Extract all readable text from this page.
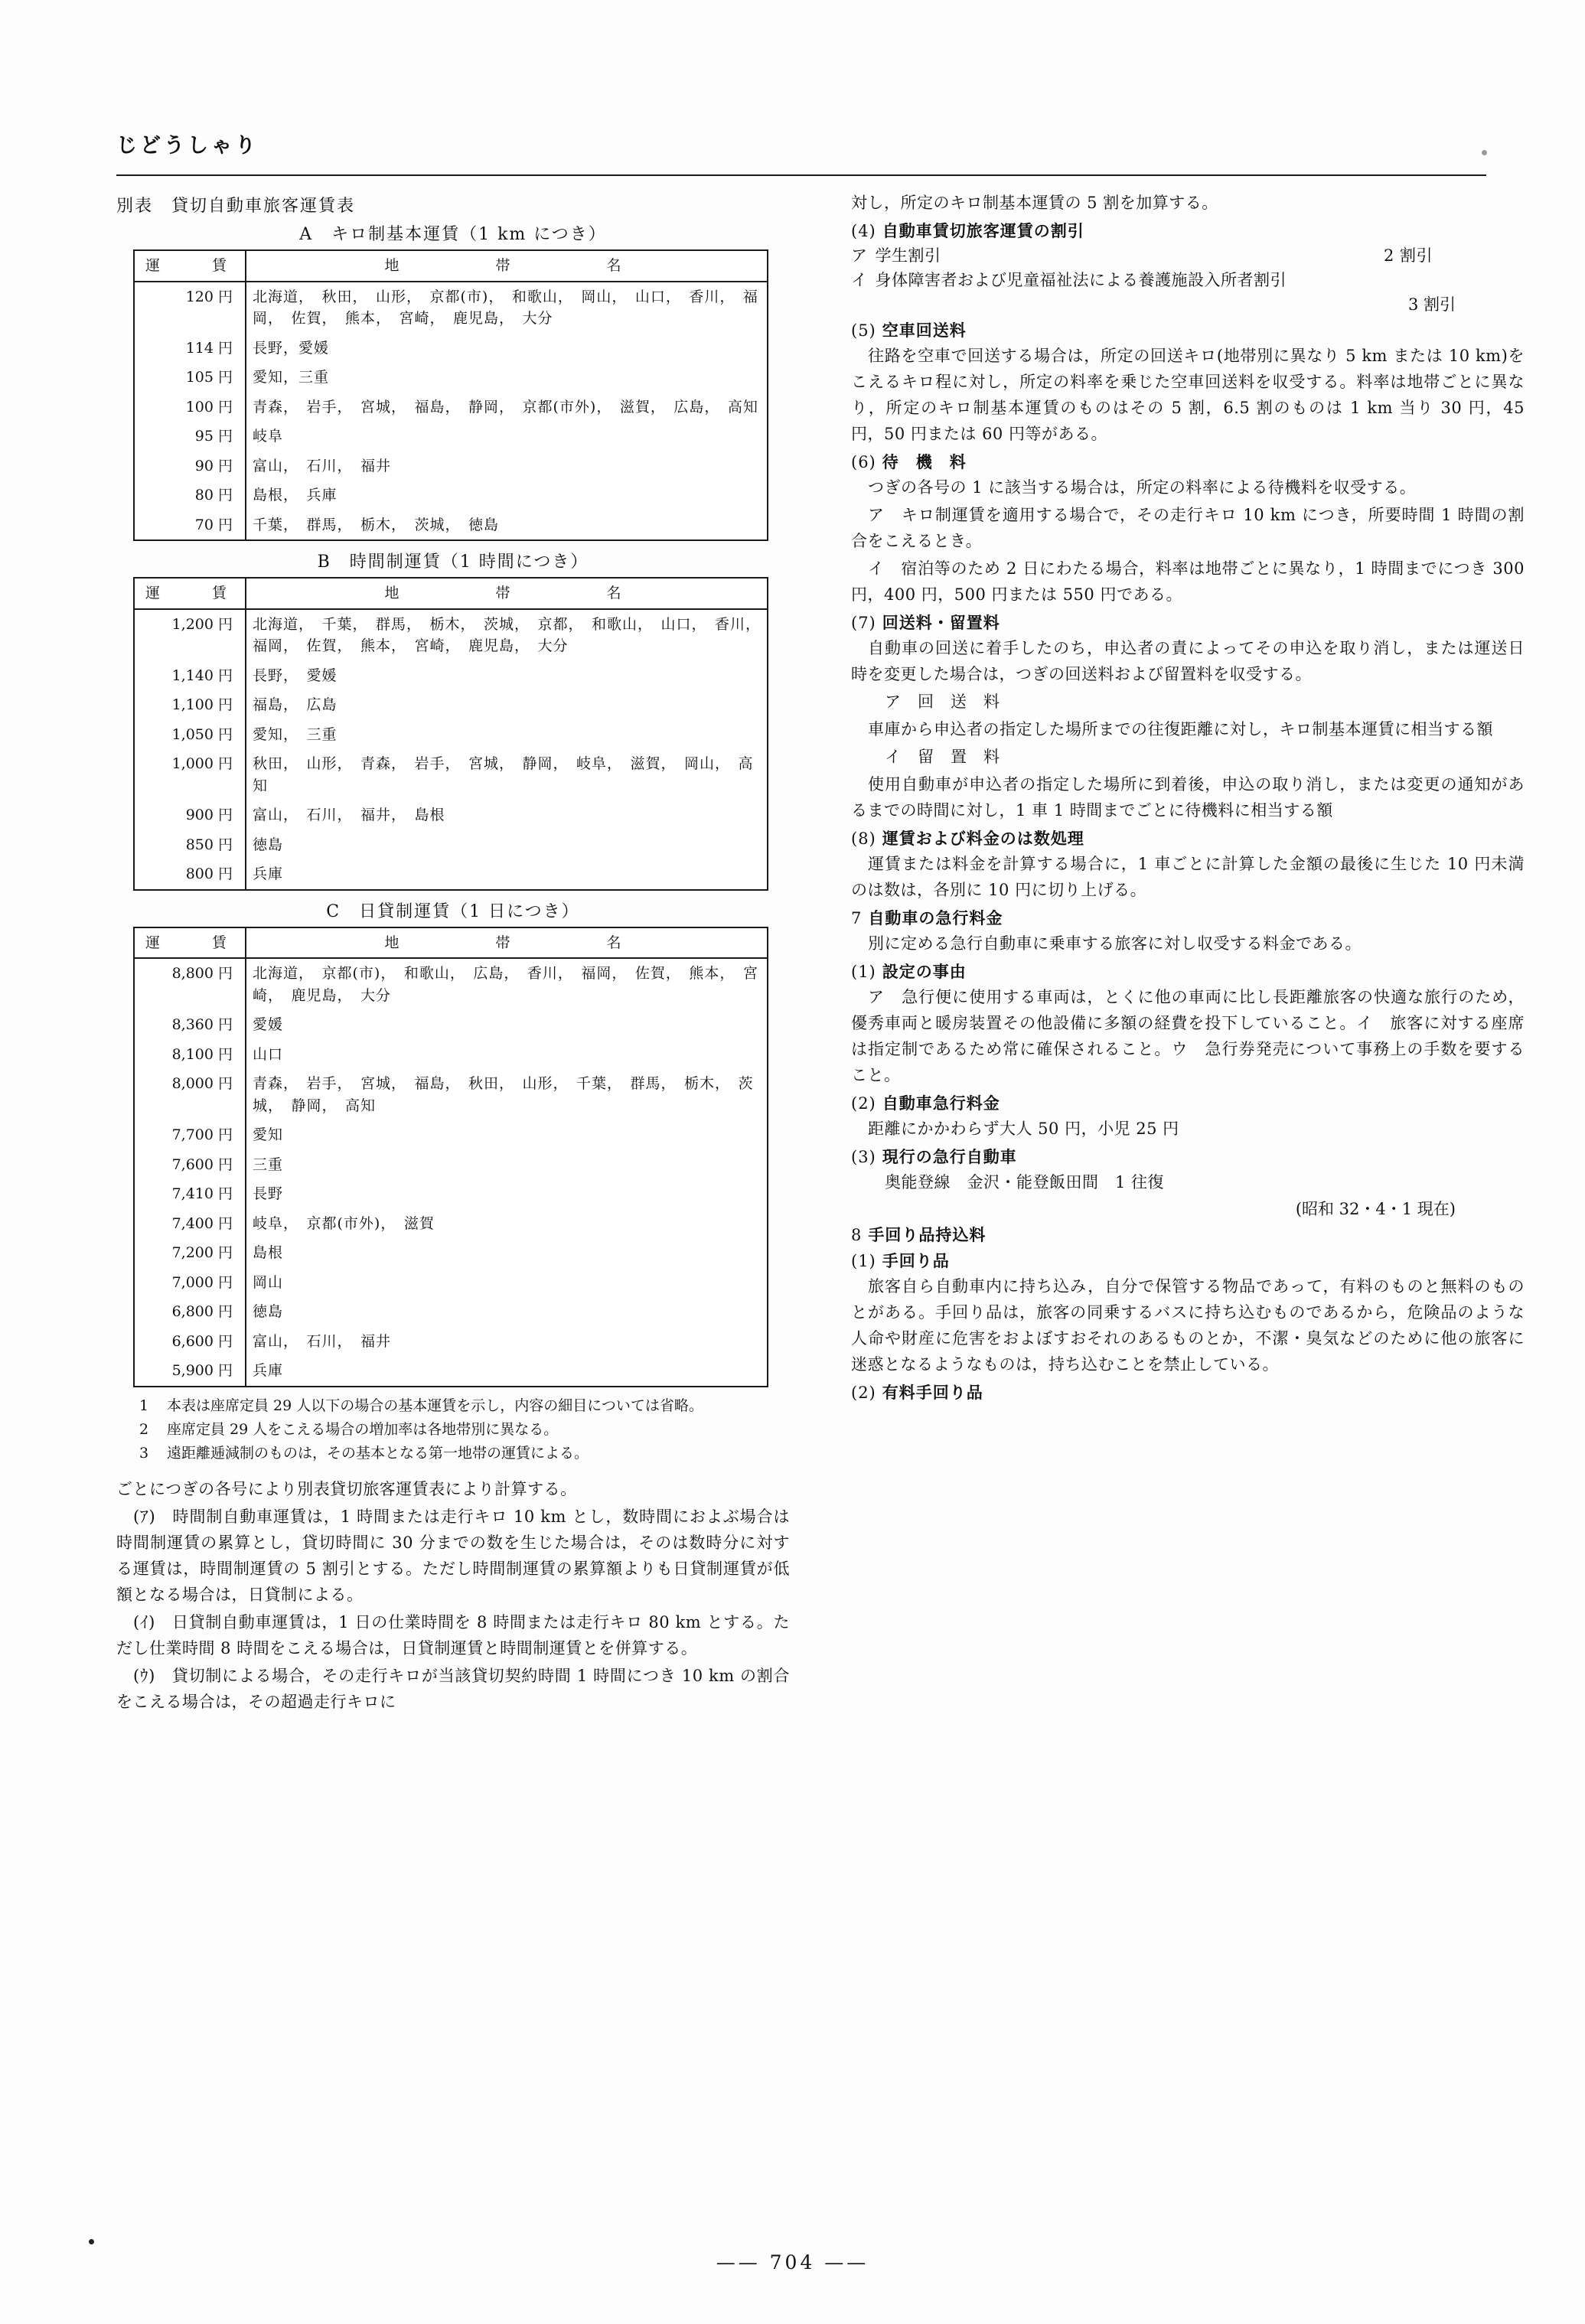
じどうしゃり
別表　貸切自動車旅客運賃表
A　キロ制基本運賃（1 km につき）
運　　賃	地　　　　帯　　　　名
120 円	北海道，　秋田，　山形，　京都(市)，　和歌山，　岡山，　山口，　香川，　福岡，　佐賀，　熊本，　宮崎，　鹿児島，　大分
114 円	長野，愛媛
105 円	愛知，三重
100 円	青森，　岩手，　宮城，　福島，　静岡，　京都(市外)，　滋賀，　広島，　高知
95 円	岐阜
90 円	富山，　石川，　福井
80 円	島根，　兵庫
70 円	千葉，　群馬，　栃木，　茨城，　徳島
B　時間制運賃（1 時間につき）
運　　賃	地　　　　帯　　　　名
1,200 円	北海道，　千葉，　群馬，　栃木，　茨城，　京都，　和歌山，　山口，　香川，　福岡，　佐賀，　熊本，　宮崎，　鹿児島，　大分
1,140 円	長野，　愛媛
1,100 円	福島，　広島
1,050 円	愛知，　三重
1,000 円	秋田，　山形，　青森，　岩手，　宮城，　静岡，　岐阜，　滋賀，　岡山，　高知
900 円	富山，　石川，　福井，　島根
850 円	徳島
800 円	兵庫
C　日貸制運賃（1 日につき）
運　　賃	地　　　　帯　　　　名
8,800 円	北海道，　京都(市)，　和歌山，　広島，　香川，　福岡，　佐賀，　熊本，　宮崎，　鹿児島，　大分
8,360 円	愛媛
8,100 円	山口
8,000 円	青森，　岩手，　宮城，　福島，　秋田，　山形，　千葉，　群馬，　栃木，　茨城，　静岡，　高知
7,700 円	愛知
7,600 円	三重
7,410 円	長野
7,400 円	岐阜，　京都(市外)，　滋賀
7,200 円	島根
7,000 円	岡山
6,800 円	徳島
6,600 円	富山，　石川，　福井
5,900 円	兵庫
1 本表は座席定員 29 人以下の場合の基本運賃を示し，内容の細目については省略。
2 座席定員 29 人をこえる場合の増加率は各地帯別に異なる。
3 遠距離逓減制のものは，その基本となる第一地帯の運賃による。

ごとにつぎの各号により別表貸切旅客運賃表により計算する。

(ｱ)　時間制自動車運賃は，1 時間または走行キロ 10 km とし，数時間におよぶ場合は時間制運賃の累算とし，貸切時間に 30 分までの数を生じた場合は，そのは数時分に対する運賃は，時間制運賃の 5 割引とする。ただし時間制運賃の累算額よりも日貸制運賃が低額となる場合は，日貸制による。

(ｲ)　日貸制自動車運賃は，1 日の仕業時間を 8 時間または走行キロ 80 km とする。ただし仕業時間 8 時間をこえる場合は，日貸制運賃と時間制運賃とを併算する。

(ｳ)　貸切制による場合，その走行キロが当該貸切契約時間 1 時間につき 10 km の割合をこえる場合は，その超過走行キロに

対し，所定のキロ制基本運賃の 5 割を加算する。

(4) 自動車賃切旅客運賃の割引
ア 学生割引	2 割引
イ 身体障害者および児童福祉法による養護施設入所者割引
3 割引
(5) 空車回送料

往路を空車で回送する場合は，所定の回送キロ(地帯別に異なり 5 km または 10 km)をこえるキロ程に対し，所定の料率を乗じた空車回送料を収受する。料率は地帯ごとに異なり，所定のキロ制基本運賃のものはその 5 割，6.5 割のものは 1 km 当り 30 円，45 円，50 円または 60 円等がある。

(6) 待　機　料

つぎの各号の 1 に該当する場合は，所定の料率による待機料を収受する。

ア　キロ制運賃を適用する場合で，その走行キロ 10 km につき，所要時間 1 時間の割合をこえるとき。

イ　宿泊等のため 2 日にわたる場合，料率は地帯ごとに異なり，1 時間までにつき 300 円，400 円，500 円または 550 円である。

(7) 回送料・留置料

自動車の回送に着手したのち，申込者の責によってその申込を取り消し，または運送日時を変更した場合は，つぎの回送料および留置料を収受する。

ア　回　送　料

車庫から申込者の指定した場所までの往復距離に対し，キロ制基本運賃に相当する額

イ　留　置　料

使用自動車が申込者の指定した場所に到着後，申込の取り消し，または変更の通知があるまでの時間に対し，1 車 1 時間までごとに待機料に相当する額

(8) 運賃および料金のは数処理

運賃または料金を計算する場合に，1 車ごとに計算した金額の最後に生じた 10 円未満のは数は，各別に 10 円に切り上げる。

7 自動車の急行料金

別に定める急行自動車に乗車する旅客に対し収受する料金である。

(1) 設定の事由

ア　急行便に使用する車両は，とくに他の車両に比し長距離旅客の快適な旅行のため，優秀車両と暖房装置その他設備に多額の経費を投下していること。イ　旅客に対する座席は指定制であるため常に確保されること。ウ　急行券発売について事務上の手数を要すること。

(2) 自動車急行料金

距離にかかわらず大人 50 円，小児 25 円

(3) 現行の急行自動車

奥能登線　金沢・能登飯田間　1 往復

(昭和 32・4・1 現在)
8 手回り品持込料
(1) 手回り品

旅客自ら自動車内に持ち込み，自分で保管する物品であって，有料のものと無料のものとがある。手回り品は，旅客の同乗するバスに持ち込むものであるから，危険品のような人命や財産に危害をおよぼすおそれのあるものとか，不潔・臭気などのために他の旅客に迷惑となるようなものは，持ち込むことを禁止している。

(2) 有料手回り品
—— 704 ——
